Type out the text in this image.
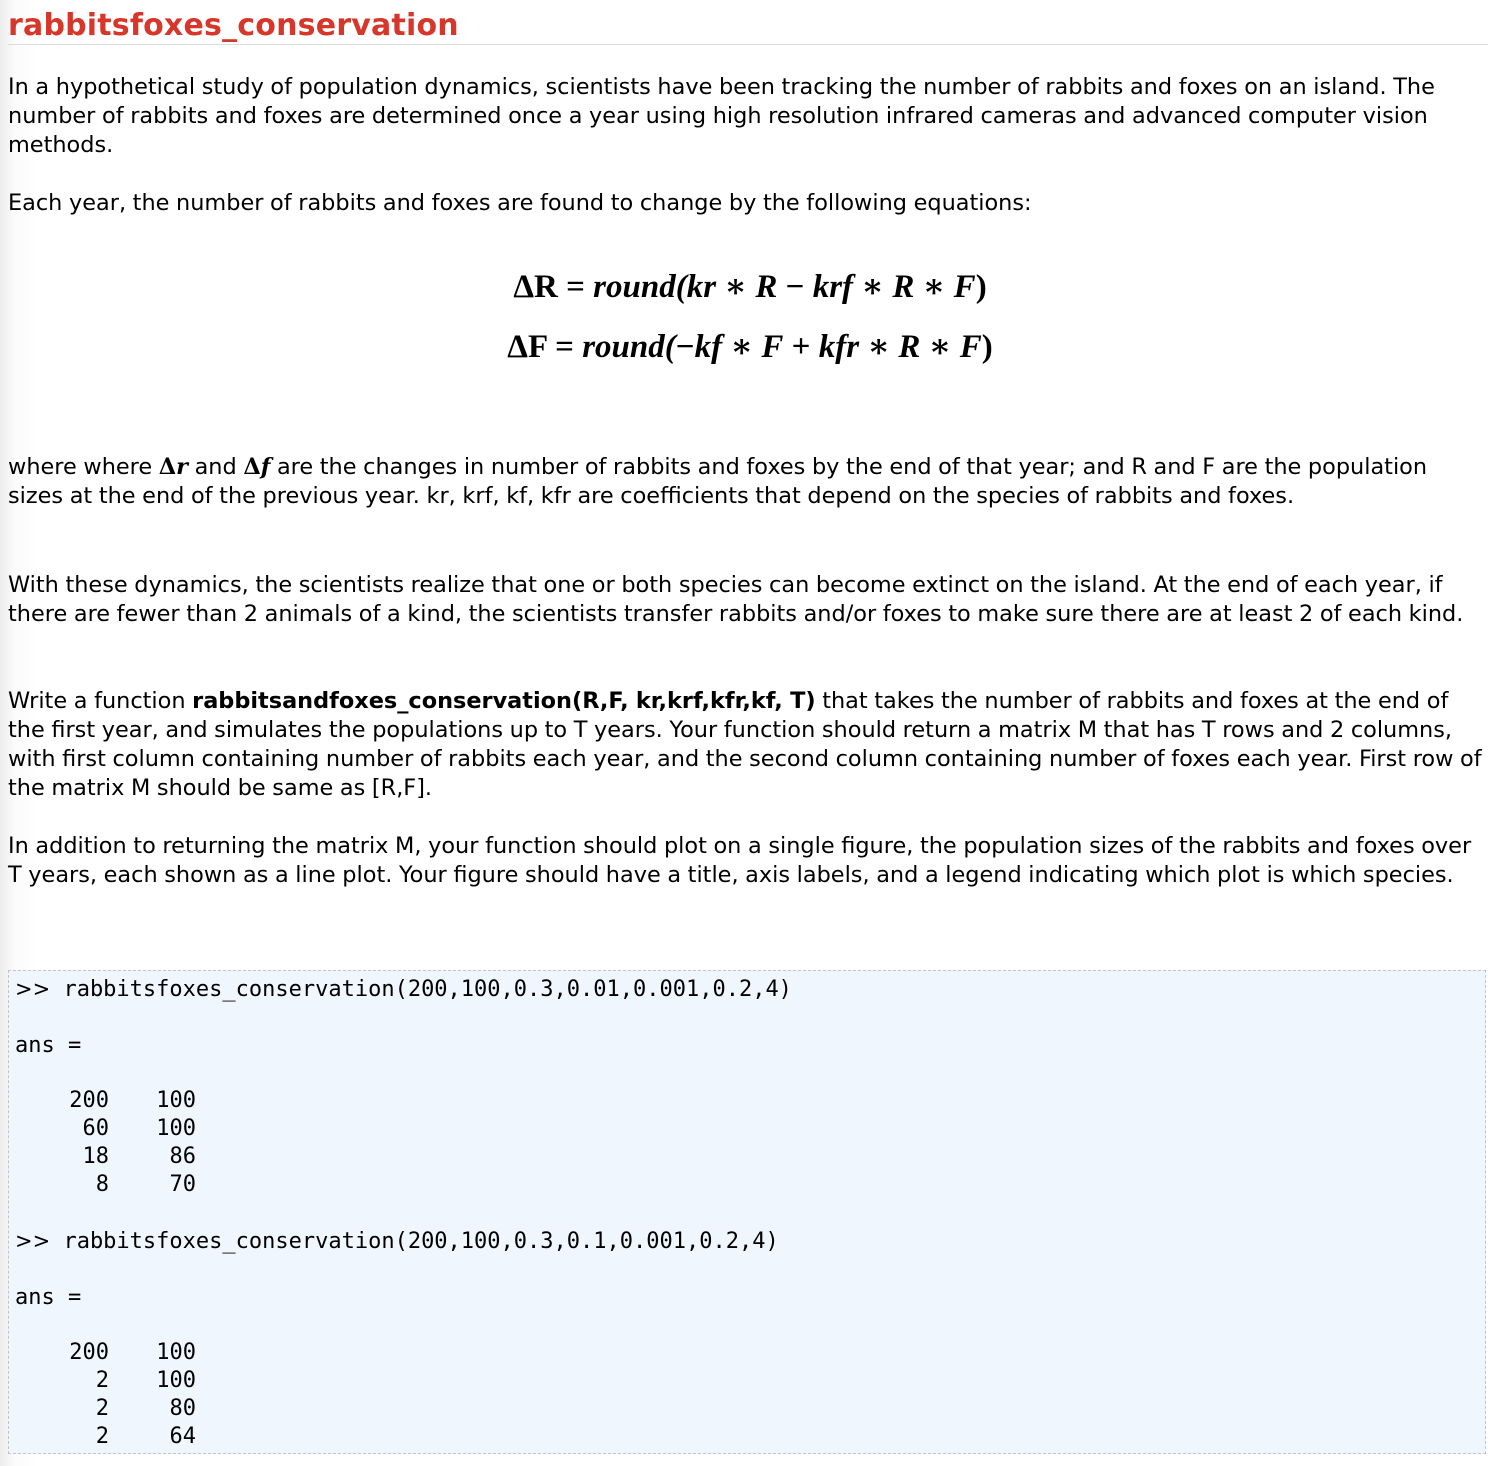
rabbitsfoxes_conservation

In a hypothetical study of population dynamics, scientists have been tracking the number of rabbits and foxes on an island. The number of rabbits and foxes are determined once a year using high resolution infrared cameras and advanced computer vision methods.

Each year, the number of rabbits and foxes are found to change by the following equations:

ΔR = round(kr ∗ R − krf ∗ R ∗ F)
ΔF = round(−kf ∗ F + kfr ∗ R ∗ F)

where where Δr and Δf are the changes in number of rabbits and foxes by the end of that year; and R and F are the population sizes at the end of the previous year. kr, krf, kf, kfr are coefficients that depend on the species of rabbits and foxes.

With these dynamics, the scientists realize that one or both species can become extinct on the island. At the end of each year, if there are fewer than 2 animals of a kind, the scientists transfer rabbits and/or foxes to make sure there are at least 2 of each kind.

Write a function rabbitsandfoxes_conservation(R,F, kr,krf,kfr,kf, T) that takes the number of rabbits and foxes at the end of the first year, and simulates the populations up to T years. Your function should return a matrix M that has T rows and 2 columns, with first column containing number of rabbits each year, and the second column containing number of foxes each year. First row of the matrix M should be same as [R,F].

In addition to returning the matrix M, your function should plot on a single figure, the population sizes of the rabbits and foxes over T years, each shown as a line plot. Your figure should have a title, axis labels, and a legend indicating which plot is which species.

>> rabbitsfoxes_conservation(200,100,0.3,0.01,0.001,0.2,4)
ans =
200	100
60	100
18	86
8	70
>> rabbitsfoxes_conservation(200,100,0.3,0.1,0.001,0.2,4)
ans =
200	100
2	100
2	80
2	64
